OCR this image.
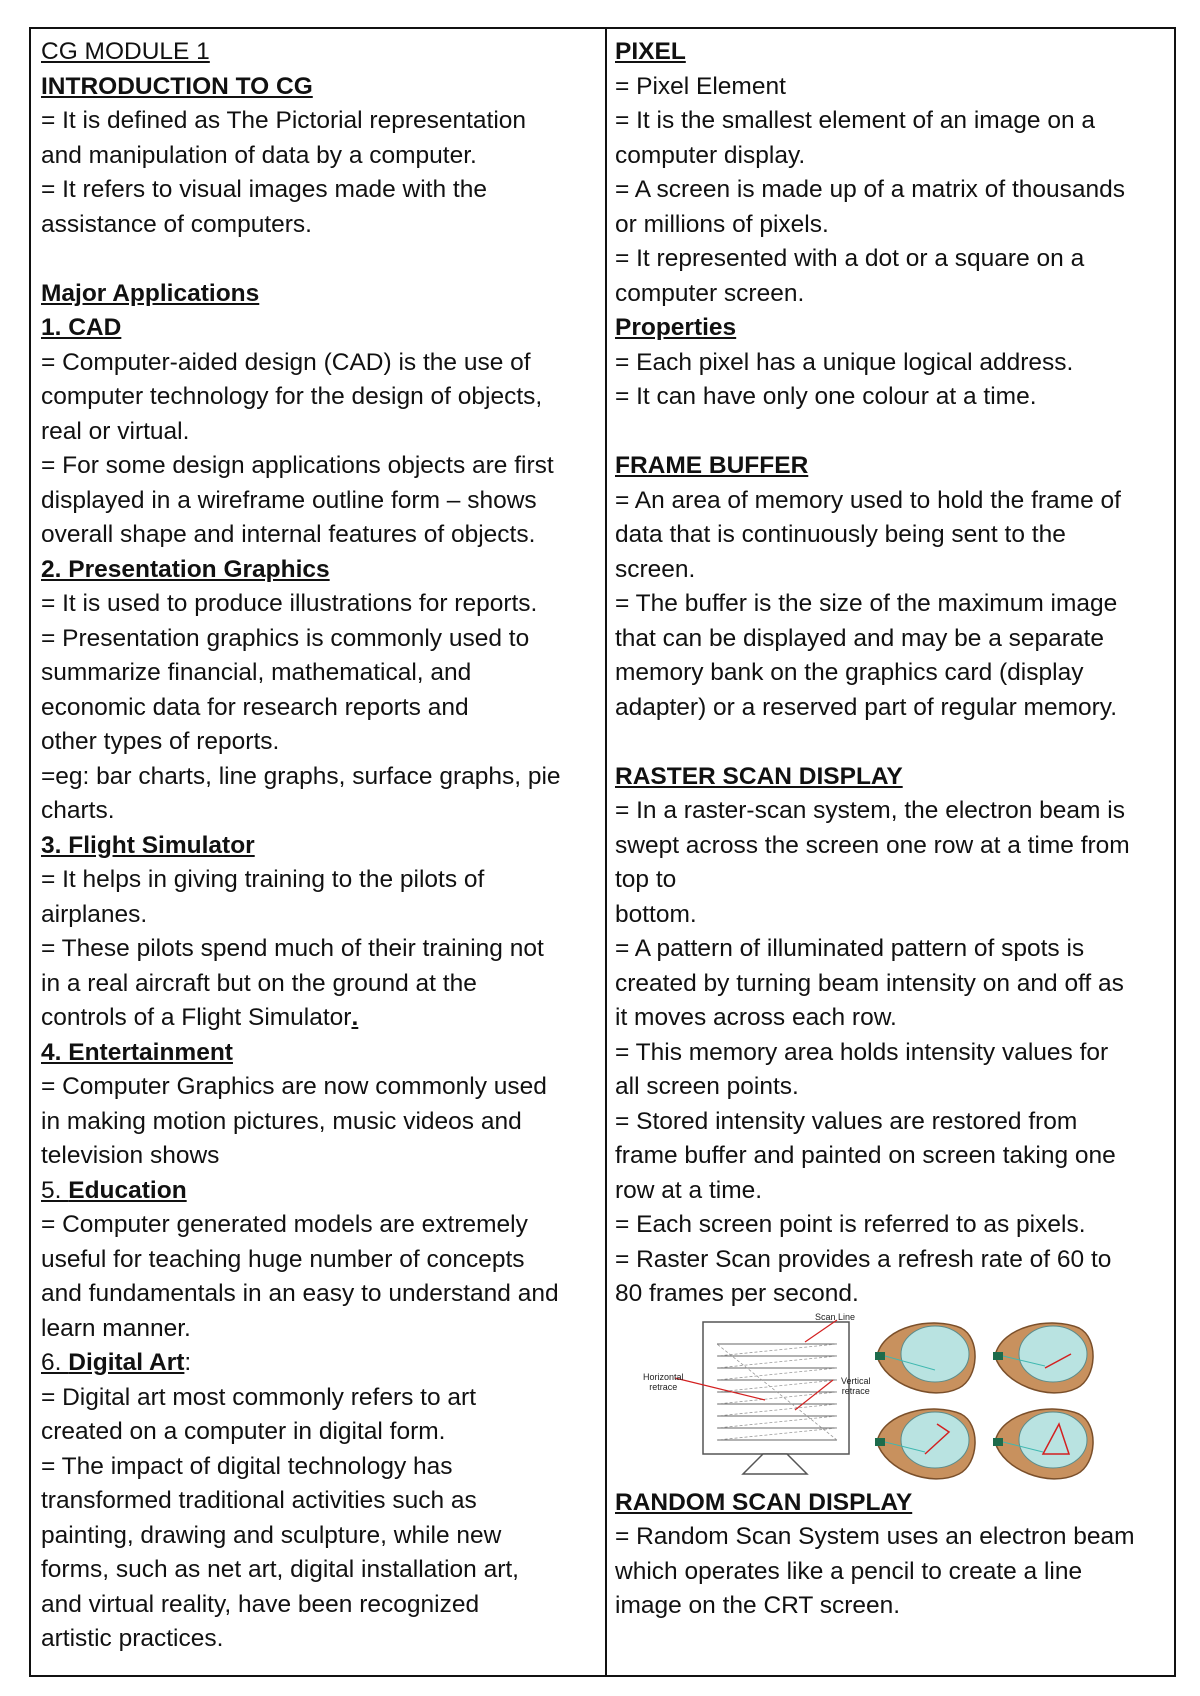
CG MODULE 1

INTRODUCTION TO CG

= It is defined as The Pictorial representation

and manipulation of data by a computer.

= It refers to visual images made with the

assistance of computers.

Major Applications

1. CAD

= Computer-aided design (CAD) is the use of

computer technology for the design of objects,

real or virtual.

= For some design applications objects are first

displayed in a wireframe outline form – shows

overall shape and internal features of objects.

2. Presentation Graphics

= It is used to produce illustrations for reports.

= Presentation graphics is commonly used to

summarize financial, mathematical, and

economic data for research reports and

other types of reports.

=eg: bar charts, line graphs, surface graphs, pie

charts.

3. Flight Simulator

= It helps in giving training to the pilots of

airplanes.

= These pilots spend much of their training not

in a real aircraft but on the ground at the

controls of a Flight Simulator.

4. Entertainment

= Computer Graphics are now commonly used

in making motion pictures, music videos and

television shows

5. Education

= Computer generated models are extremely

useful for teaching huge number of concepts

and fundamentals in an easy to understand and

learn manner.

6. Digital Art:

= Digital art most commonly refers to art

created on a computer in digital form.

= The impact of digital technology has

transformed traditional activities such as

painting, drawing and sculpture, while new

forms, such as net art, digital installation art,

and virtual reality, have been recognized

artistic practices.

PIXEL

= Pixel Element

= It is the smallest element of an image on a

computer display.

= A screen is made up of a matrix of thousands

or millions of pixels.

= It represented with a dot or a square on a

computer screen.

Properties

= Each pixel has a unique logical address.

= It can have only one colour at a time.

FRAME BUFFER

= An area of memory used to hold the frame of

data that is continuously being sent to the

screen.

= The buffer is the size of the maximum image

that can be displayed and may be a separate

memory bank on the graphics card (display

adapter) or a reserved part of regular memory.

RASTER SCAN DISPLAY

= In a raster-scan system, the electron beam is

swept across the screen one row at a time from

top to

bottom.

= A pattern of illuminated pattern of spots is

created by turning beam intensity on and off as

it moves across each row.

= This memory area holds intensity values for

all screen points.

= Stored intensity values are restored from

frame buffer and painted on screen taking one

row at a time.

= Each screen point is referred to as pixels.

= Raster Scan provides a refresh rate of 60 to

80 frames per second.

Scan Line
Horizontal
retrace
Vertical
retrace

RANDOM SCAN DISPLAY

= Random Scan System uses an electron beam

which operates like a pencil to create a line

image on the CRT screen.
